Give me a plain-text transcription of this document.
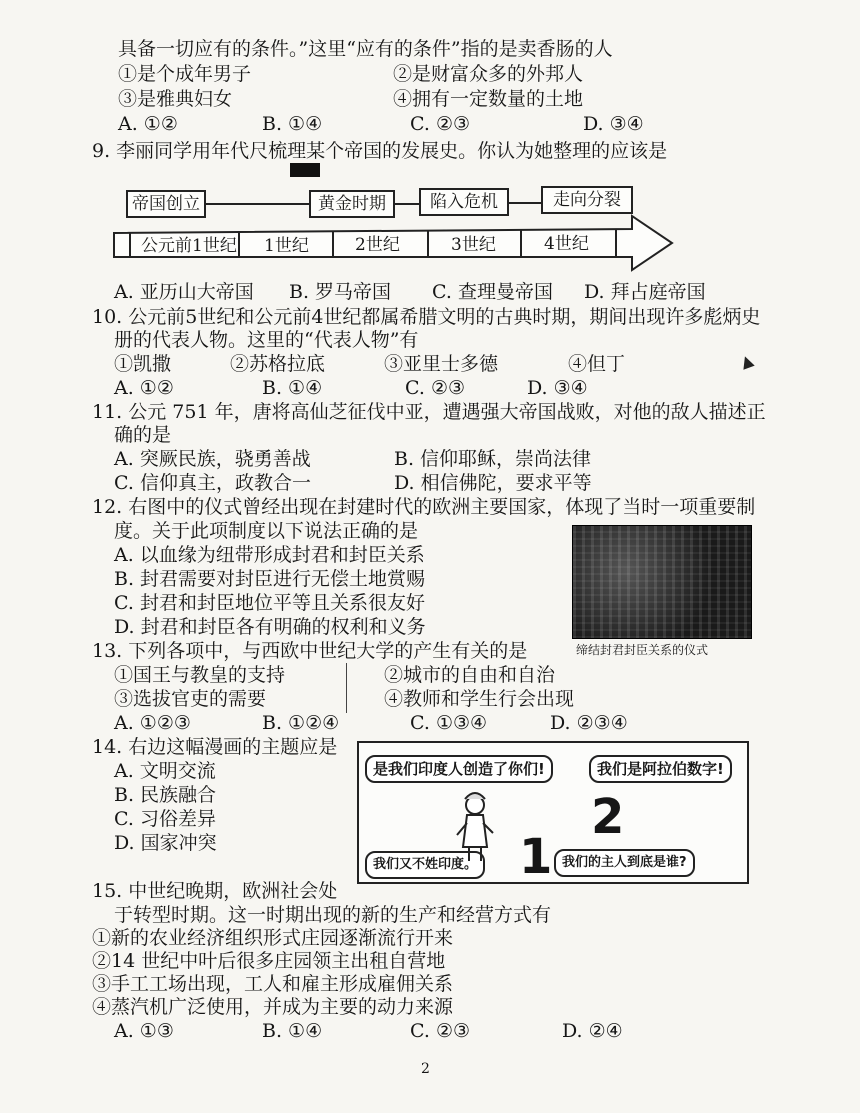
具备一切应有的条件。”这里“应有的条件”指的是卖香肠的人
①是个成年男子	②是财富众多的外邦人
③是雅典妇女	④拥有一定数量的土地
A. ①②	B. ①④	C. ②③	D. ③④
9. 李丽同学用年代尺梳理某个帝国的发展史。你认为她整理的应该是
帝国创立	黄金时期	陷入危机	走向分裂
公元前1世纪 1世纪	2世纪	3世纪	4世纪
A. 亚历山大帝国 B. 罗马帝国 C. 查理曼帝国 D. 拜占庭帝国
10. 公元前5世纪和公元前4世纪都属希腊文明的古典时期，期间出现许多彪炳史
册的代表人物。这里的“代表人物”有
①凯撒	②苏格拉底	③亚里士多德	④但丁
A. ①②	B. ①④	C. ②③	D. ③④
11. 公元 751 年，唐将高仙芝征伐中亚，遭遇强大帝国战败，对他的敌人描述正
确的是
A. 突厥民族，骁勇善战	B. 信仰耶稣，崇尚法律
C. 信仰真主，政教合一	D. 相信佛陀，要求平等
12. 右图中的仪式曾经出现在封建时代的欧洲主要国家，体现了当时一项重要制
度。关于此项制度以下说法正确的是
A. 以血缘为纽带形成封君和封臣关系
B. 封君需要对封臣进行无偿土地赏赐
C. 封君和封臣地位平等且关系很友好
D. 封君和封臣各有明确的权利和义务
缔结封君封臣关系的仪式
13. 下列各项中，与西欧中世纪大学的产生有关的是
①国王与教皇的支持	②城市的自由和自治
③选拔官吏的需要	④教师和学生行会出现
A. ①②③	B. ①②④	C. ①③④	D. ②③④
14. 右边这幅漫画的主题应是
A. 文明交流
B. 民族融合
C. 习俗差异
D. 国家冲突
是我们印度人创造了你们!	我们是阿拉伯数字!
我们又不姓印度。	我们的主人到底是谁?
2
1
15. 中世纪晚期，欧洲社会处
于转型时期。这一时期出现的新的生产和经营方式有
①新的农业经济组织形式庄园逐渐流行开来
②14 世纪中叶后很多庄园领主出租自营地
③手工工场出现，工人和雇主形成雇佣关系
④蒸汽机广泛使用，并成为主要的动力来源
A. ①③	B. ①④	C. ②③	D. ②④
2
